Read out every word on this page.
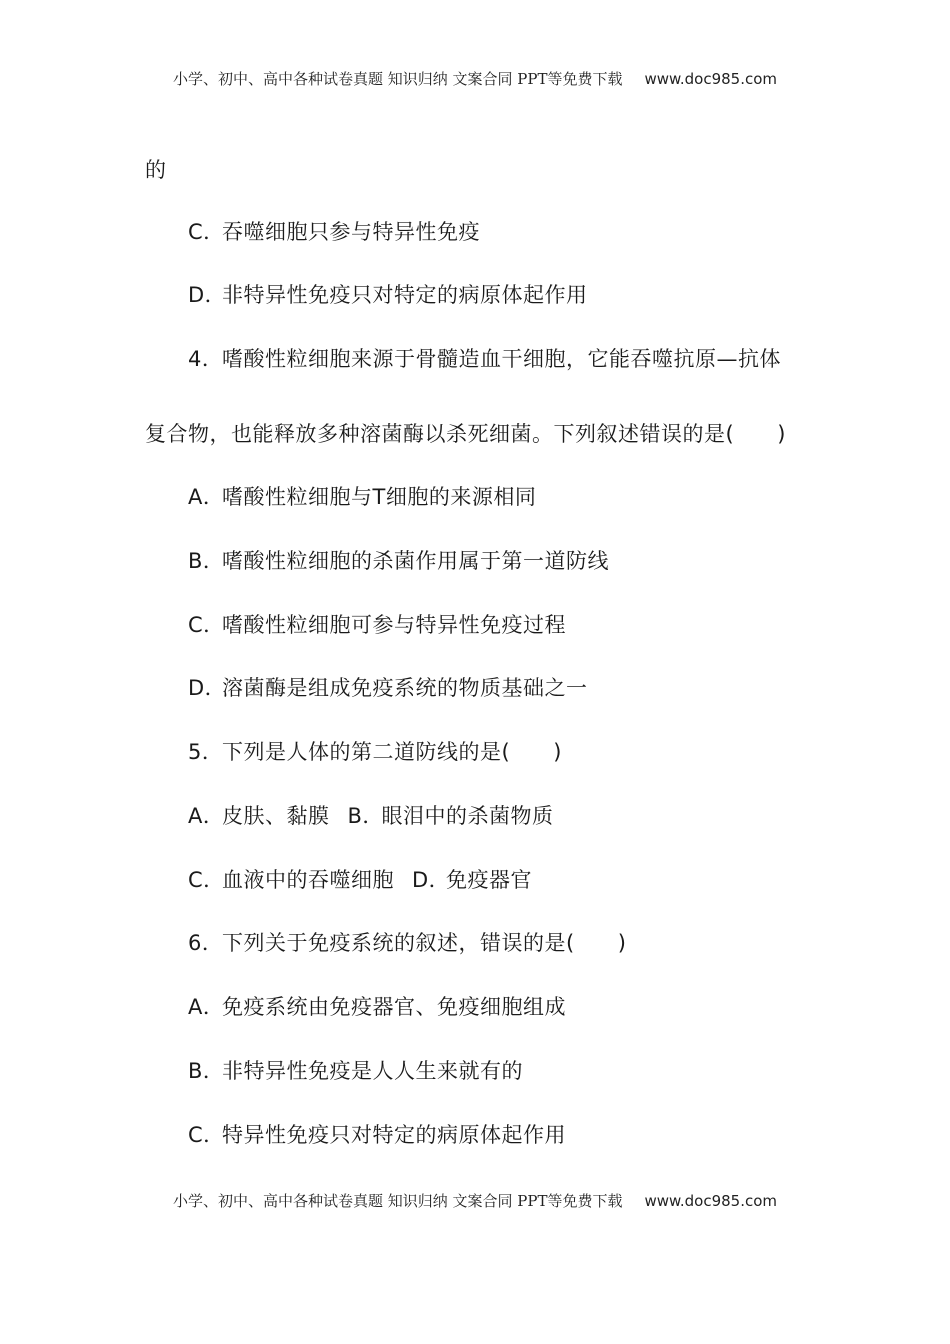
小学、初中、高中各种试卷真题 知识归纳 文案合同 PPT等免费下载 www.doc985.com
的
C．吞噬细胞只参与特异性免疫
D．非特异性免疫只对特定的病原体起作用
4．嗜酸性粒细胞来源于骨髓造血干细胞，它能吞噬抗原—抗体
复合物，也能释放多种溶菌酶以杀死细菌。下列叙述错误的是(　　)
A．嗜酸性粒细胞与T细胞的来源相同
B．嗜酸性粒细胞的杀菌作用属于第一道防线
C．嗜酸性粒细胞可参与特异性免疫过程
D．溶菌酶是组成免疫系统的物质基础之一
5．下列是人体的第二道防线的是(　　)
A．皮肤、黏膜 B．眼泪中的杀菌物质
C．血液中的吞噬细胞 D．免疫器官
6．下列关于免疫系统的叙述，错误的是(　　)
A．免疫系统由免疫器官、免疫细胞组成
B．非特异性免疫是人人生来就有的
C．特异性免疫只对特定的病原体起作用
小学、初中、高中各种试卷真题 知识归纳 文案合同 PPT等免费下载 www.doc985.com
